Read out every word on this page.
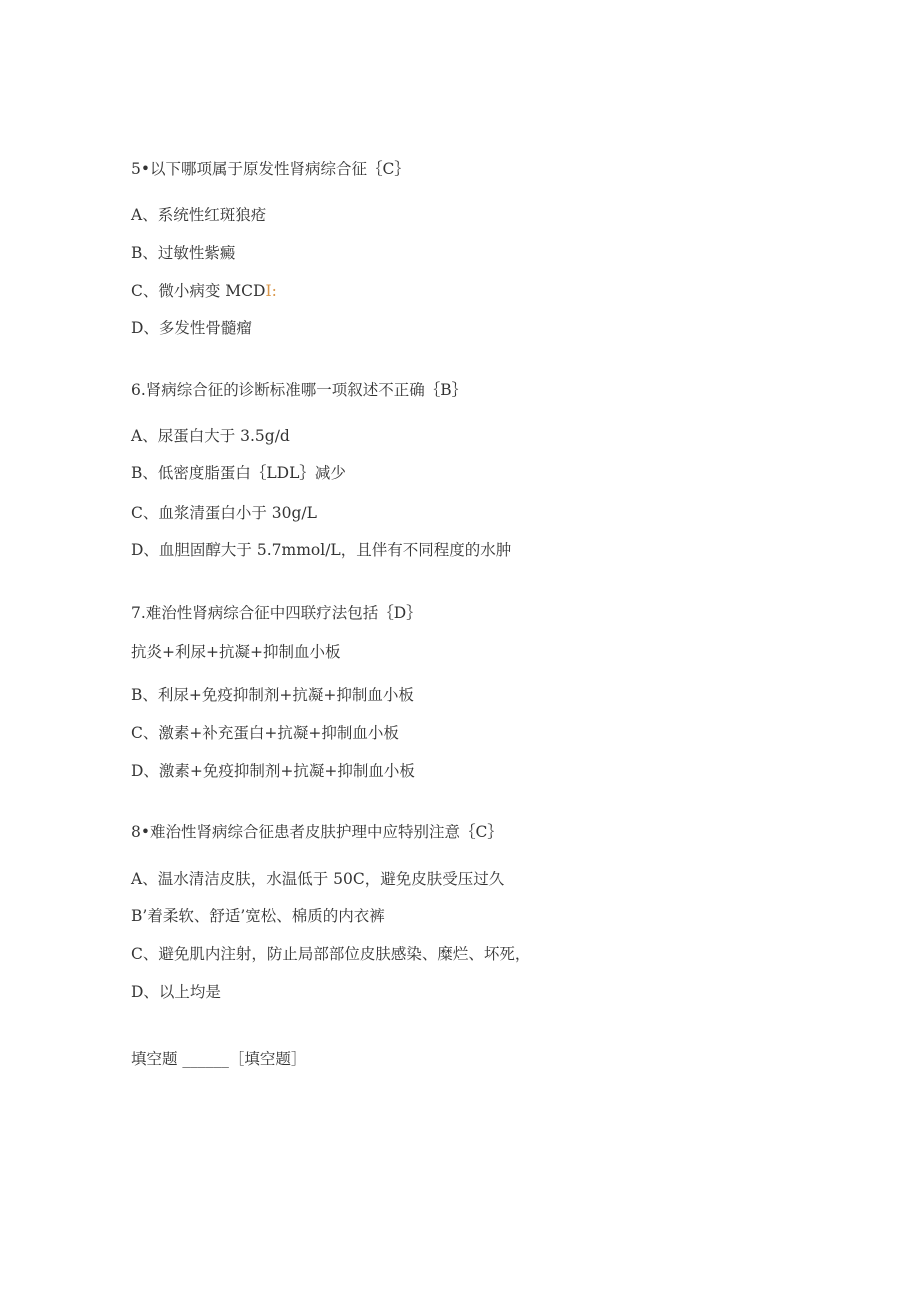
5•以下哪项属于原发性肾病综合征｛C｝
A、系统性红斑狼疮
B、过敏性紫癜
C、微小病变 MCDI:
D、多发性骨髓瘤
6.肾病综合征的诊断标准哪一项叙述不正确｛B｝
A、尿蛋白大于 3.5g∕d
B、低密度脂蛋白｛LDL｝减少
C、血浆清蛋白小于 30g∕L
D、血胆固醇大于 5.7mmol∕L，且伴有不同程度的水肿
7.难治性肾病综合征中四联疗法包括｛D｝
抗炎+利尿+抗凝+抑制血小板
B、利尿+免疫抑制剂+抗凝+抑制血小板
C、激素+补充蛋白+抗凝+抑制血小板
D、激素+免疫抑制剂+抗凝+抑制血小板
8•难治性肾病综合征患者皮肤护理中应特别注意｛C｝
A、温水清洁皮肤，水温低于 50C，避免皮肤受压过久
B’着柔软、舒适’宽松、棉质的内衣裤
C、避免肌内注射，防止局部部位皮肤感染、糜烂、坏死，
D、以上均是
填空题 ______［填空题］
